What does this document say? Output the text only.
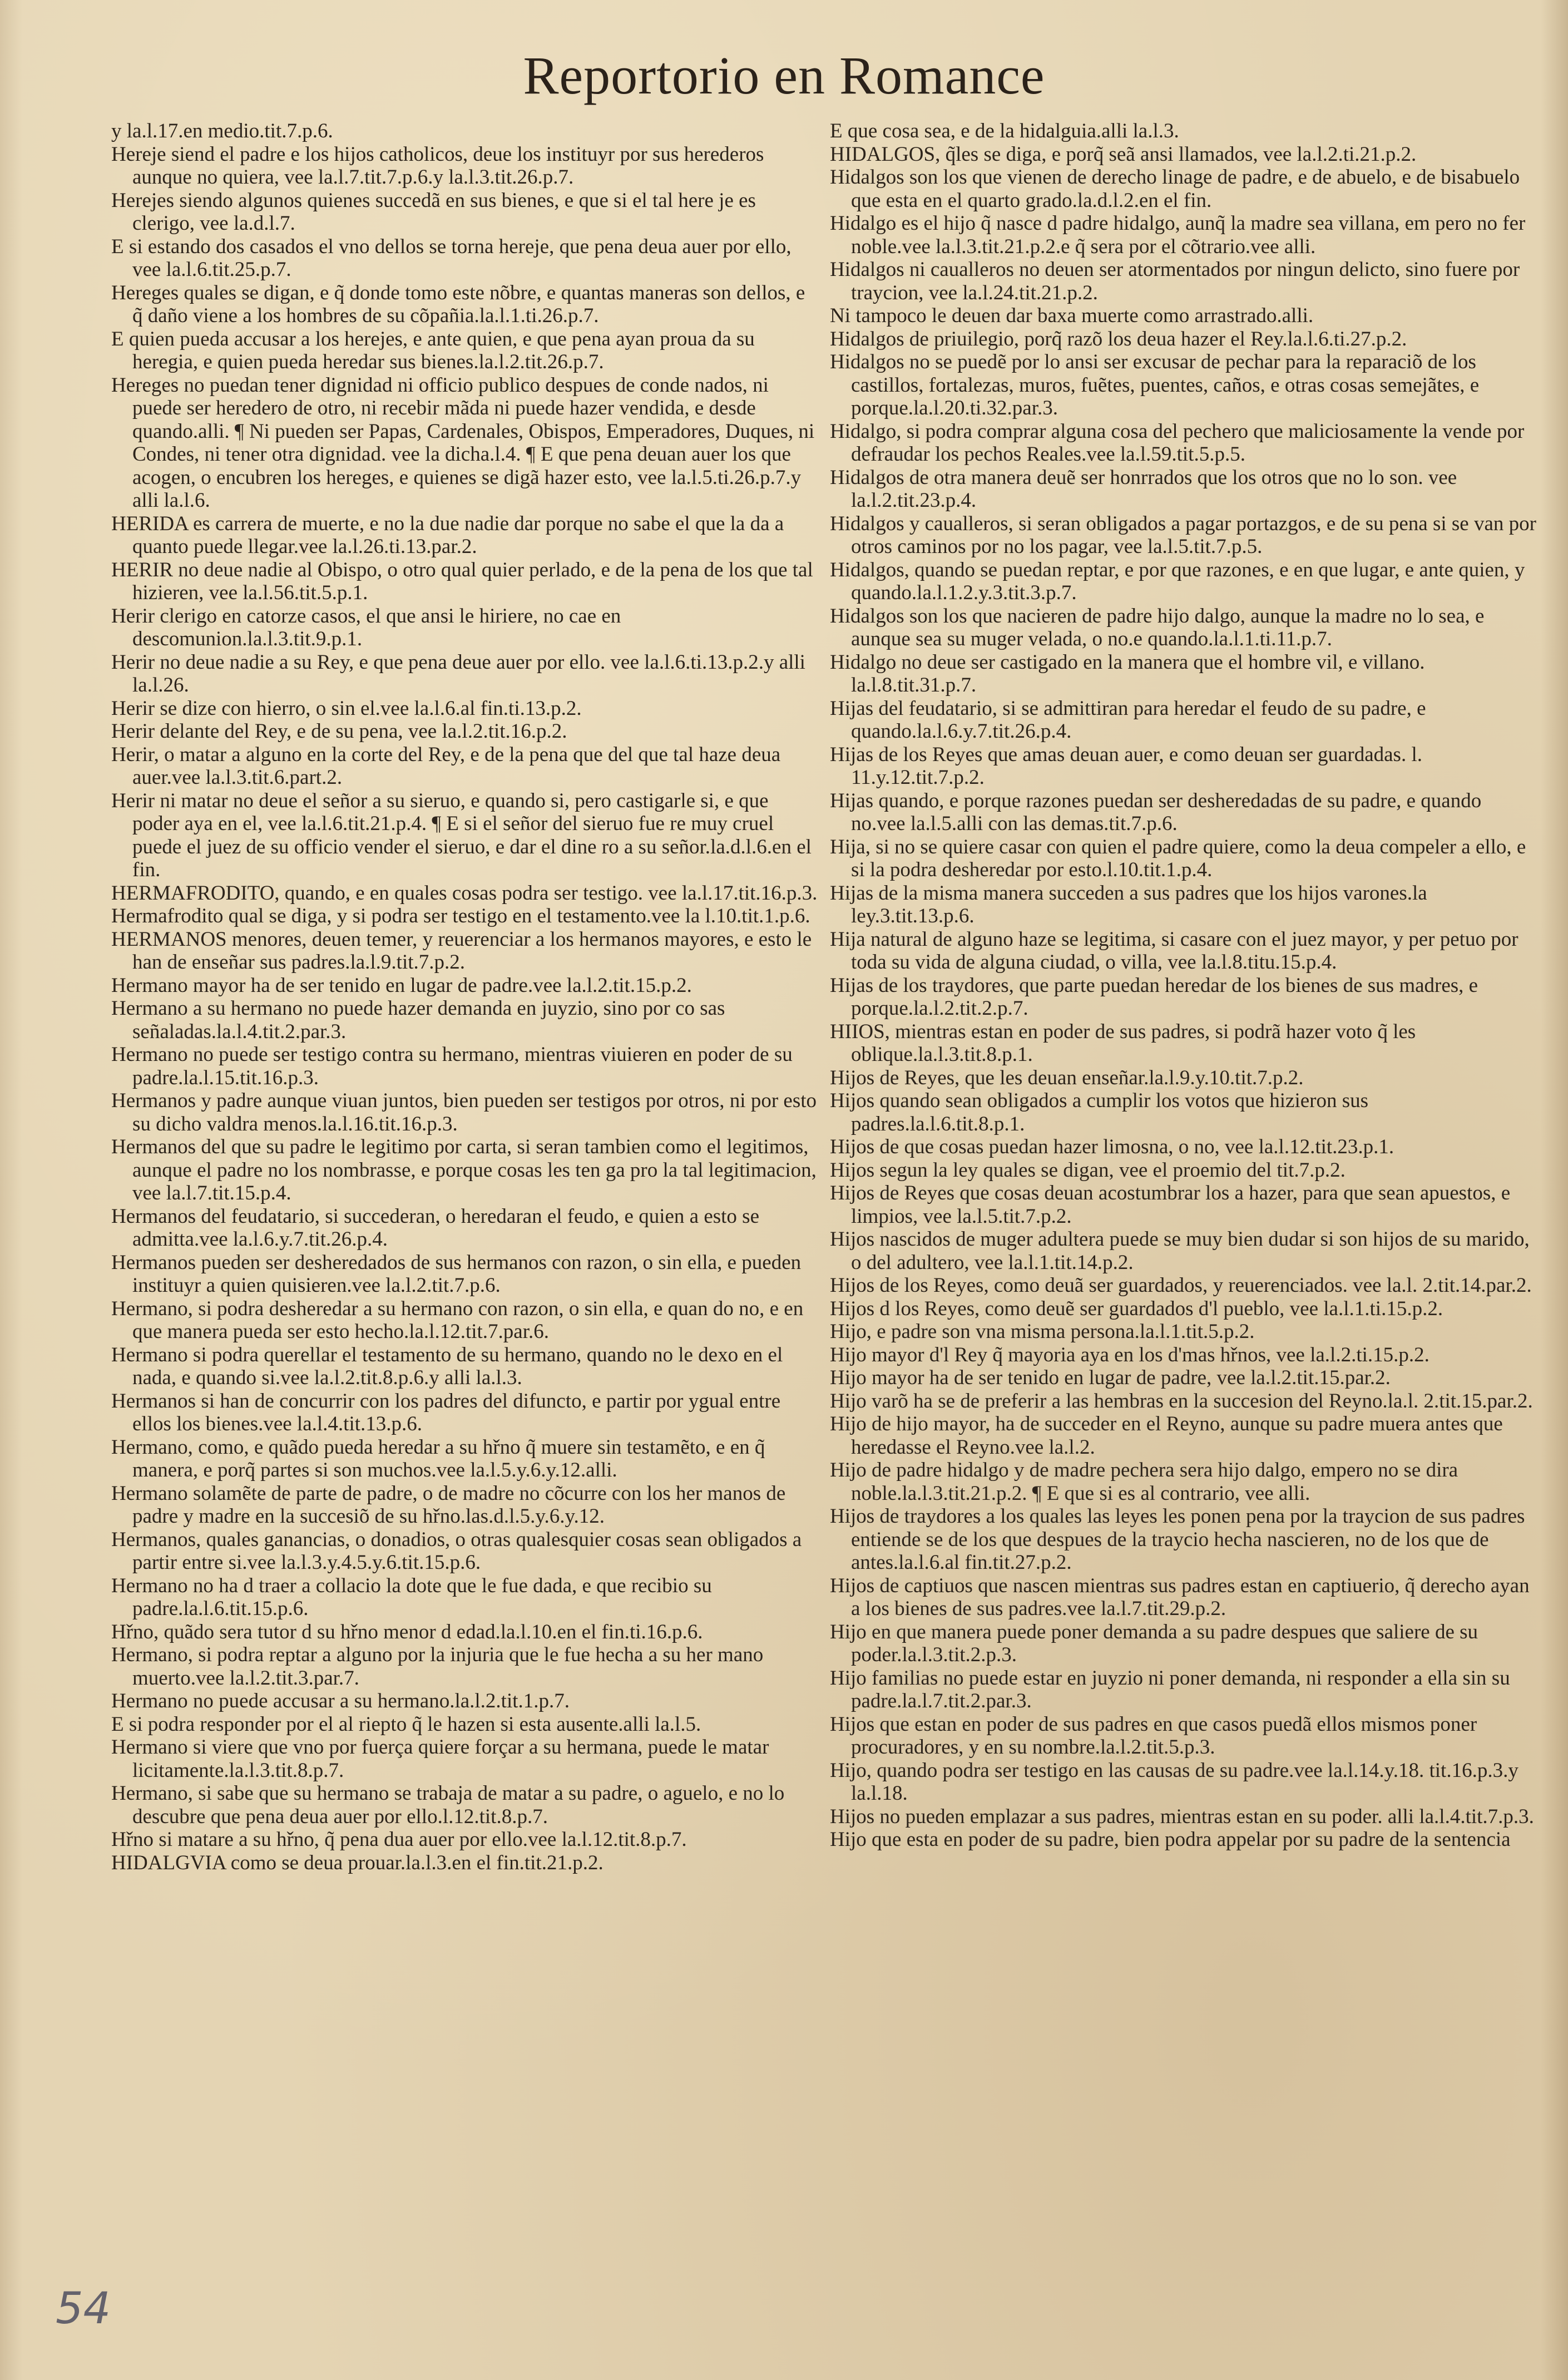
Reportorio en Romance

y la.l.17.en medio.tit.7.p.6.

Hereje siend el padre e los hijos catholicos, deue los instituyr por sus herederos aunque no quiera, vee la.l.7.tit.7.p.6.y la.l.3.tit.26.p.7.

Herejes siendo algunos quienes succedã en sus bienes, e que si el tal here je es clerigo, vee la.d.l.7.

E si estando dos casados el vno dellos se torna hereje, que pena deua auer por ello, vee la.l.6.tit.25.p.7.

Hereges quales se digan, e q̃ donde tomo este nõbre, e quantas maneras son dellos, e q̃ daño viene a los hombres de su cõpañia.la.l.1.ti.26.p.7.

E quien pueda accusar a los herejes, e ante quien, e que pena ayan proua da su heregia, e quien pueda heredar sus bienes.la.l.2.tit.26.p.7.

Hereges no puedan tener dignidad ni officio publico despues de conde nados, ni puede ser heredero de otro, ni recebir mãda ni puede hazer vendida, e desde quando.alli. ¶ Ni pueden ser Papas, Cardenales, Obispos, Emperadores, Duques, ni Condes, ni tener otra dignidad. vee la dicha.l.4. ¶ E que pena deuan auer los que acogen, o encubren los hereges, e quienes se digã hazer esto, vee la.l.5.ti.26.p.7.y alli la.l.6.

HERIDA es carrera de muerte, e no la due nadie dar porque no sabe el que la da a quanto puede llegar.vee la.l.26.ti.13.par.2.

HERIR no deue nadie al Obispo, o otro qual quier perlado, e de la pena de los que tal hizieren, vee la.l.56.tit.5.p.1.

Herir clerigo en catorze casos, el que ansi le hiriere, no cae en descomunion.la.l.3.tit.9.p.1.

Herir no deue nadie a su Rey, e que pena deue auer por ello. vee la.l.6.ti.13.p.2.y alli la.l.26.

Herir se dize con hierro, o sin el.vee la.l.6.al fin.ti.13.p.2.

Herir delante del Rey, e de su pena, vee la.l.2.tit.16.p.2.

Herir, o matar a alguno en la corte del Rey, e de la pena que del que tal haze deua auer.vee la.l.3.tit.6.part.2.

Herir ni matar no deue el señor a su sieruo, e quando si, pero castigarle si, e que poder aya en el, vee la.l.6.tit.21.p.4. ¶ E si el señor del sieruo fue re muy cruel puede el juez de su officio vender el sieruo, e dar el dine ro a su señor.la.d.l.6.en el fin.

HERMAFRODITO, quando, e en quales cosas podra ser testigo. vee la.l.17.tit.16.p.3.

Hermafrodito qual se diga, y si podra ser testigo en el testamento.vee la l.10.tit.1.p.6.

HERMANOS menores, deuen temer, y reuerenciar a los hermanos mayores, e esto le han de enseñar sus padres.la.l.9.tit.7.p.2.

Hermano mayor ha de ser tenido en lugar de padre.vee la.l.2.tit.15.p.2.

Hermano a su hermano no puede hazer demanda en juyzio, sino por co sas señaladas.la.l.4.tit.2.par.3.

Hermano no puede ser testigo contra su hermano, mientras viuieren en poder de su padre.la.l.15.tit.16.p.3.

Hermanos y padre aunque viuan juntos, bien pueden ser testigos por otros, ni por esto su dicho valdra menos.la.l.16.tit.16.p.3.

Hermanos del que su padre le legitimo por carta, si seran tambien como el legitimos, aunque el padre no los nombrasse, e porque cosas les ten ga pro la tal legitimacion, vee la.l.7.tit.15.p.4.

Hermanos del feudatario, si succederan, o heredaran el feudo, e quien a esto se admitta.vee la.l.6.y.7.tit.26.p.4.

Hermanos pueden ser desheredados de sus hermanos con razon, o sin ella, e pueden instituyr a quien quisieren.vee la.l.2.tit.7.p.6.

Hermano, si podra desheredar a su hermano con razon, o sin ella, e quan do no, e en que manera pueda ser esto hecho.la.l.12.tit.7.par.6.

Hermano si podra querellar el testamento de su hermano, quando no le dexo en el nada, e quando si.vee la.l.2.tit.8.p.6.y alli la.l.3.

Hermanos si han de concurrir con los padres del difuncto, e partir por ygual entre ellos los bienes.vee la.l.4.tit.13.p.6.

Hermano, como, e quãdo pueda heredar a su hřno q̃ muere sin testamẽto, e en q̃ manera, e porq̃ partes si son muchos.vee la.l.5.y.6.y.12.alli.

Hermano solamẽte de parte de padre, o de madre no cõcurre con los her manos de padre y madre en la succesiõ de su hřno.las.d.l.5.y.6.y.12.

Hermanos, quales ganancias, o donadios, o otras qualesquier cosas sean obligados a partir entre si.vee la.l.3.y.4.5.y.6.tit.15.p.6.

Hermano no ha d traer a collacio la dote que le fue dada, e que recibio su padre.la.l.6.tit.15.p.6.

Hřno, quãdo sera tutor d su hřno menor d edad.la.l.10.en el fin.ti.16.p.6.

Hermano, si podra reptar a alguno por la injuria que le fue hecha a su her mano muerto.vee la.l.2.tit.3.par.7.

Hermano no puede accusar a su hermano.la.l.2.tit.1.p.7.

E si podra responder por el al riepto q̃ le hazen si esta ausente.alli la.l.5.

Hermano si viere que vno por fuerça quiere forçar a su hermana, puede le matar licitamente.la.l.3.tit.8.p.7.

Hermano, si sabe que su hermano se trabaja de matar a su padre, o aguelo, e no lo descubre que pena deua auer por ello.l.12.tit.8.p.7.

Hřno si matare a su hřno, q̃ pena dua auer por ello.vee la.l.12.tit.8.p.7.

HIDALGVIA como se deua prouar.la.l.3.en el fin.tit.21.p.2.

E que cosa sea, e de la hidalguia.alli la.l.3.

HIDALGOS, q̃les se diga, e porq̃ seã ansi llamados, vee la.l.2.ti.21.p.2.

Hidalgos son los que vienen de derecho linage de padre, e de abuelo, e de bisabuelo que esta en el quarto grado.la.d.l.2.en el fin.

Hidalgo es el hijo q̃ nasce d padre hidalgo, aunq̃ la madre sea villana, em pero no fer noble.vee la.l.3.tit.21.p.2.e q̃ sera por el cõtrario.vee alli.

Hidalgos ni caualleros no deuen ser atormentados por ningun delicto, sino fuere por traycion, vee la.l.24.tit.21.p.2.

Ni tampoco le deuen dar baxa muerte como arrastrado.alli.

Hidalgos de priuilegio, porq̃ razõ los deua hazer el Rey.la.l.6.ti.27.p.2.

Hidalgos no se puedẽ por lo ansi ser excusar de pechar para la reparaciõ de los castillos, fortalezas, muros, fuẽtes, puentes, caños, e otras cosas semejãtes, e porque.la.l.20.ti.32.par.3.

Hidalgo, si podra comprar alguna cosa del pechero que maliciosamente la vende por defraudar los pechos Reales.vee la.l.59.tit.5.p.5.

Hidalgos de otra manera deuẽ ser honrrados que los otros que no lo son. vee la.l.2.tit.23.p.4.

Hidalgos y caualleros, si seran obligados a pagar portazgos, e de su pena si se van por otros caminos por no los pagar, vee la.l.5.tit.7.p.5.

Hidalgos, quando se puedan reptar, e por que razones, e en que lugar, e ante quien, y quando.la.l.1.2.y.3.tit.3.p.7.

Hidalgos son los que nacieren de padre hijo dalgo, aunque la madre no lo sea, e aunque sea su muger velada, o no.e quando.la.l.1.ti.11.p.7.

Hidalgo no deue ser castigado en la manera que el hombre vil, e villano. la.l.8.tit.31.p.7.

Hijas del feudatario, si se admittiran para heredar el feudo de su padre, e quando.la.l.6.y.7.tit.26.p.4.

Hijas de los Reyes que amas deuan auer, e como deuan ser guardadas. l. 11.y.12.tit.7.p.2.

Hijas quando, e porque razones puedan ser desheredadas de su padre, e quando no.vee la.l.5.alli con las demas.tit.7.p.6.

Hija, si no se quiere casar con quien el padre quiere, como la deua compeler a ello, e si la podra desheredar por esto.l.10.tit.1.p.4.

Hijas de la misma manera succeden a sus padres que los hijos varones.la ley.3.tit.13.p.6.

Hija natural de alguno haze se legitima, si casare con el juez mayor, y per petuo por toda su vida de alguna ciudad, o villa, vee la.l.8.titu.15.p.4.

Hijas de los traydores, que parte puedan heredar de los bienes de sus madres, e porque.la.l.2.tit.2.p.7.

HIIOS, mientras estan en poder de sus padres, si podrã hazer voto q̃ les oblique.la.l.3.tit.8.p.1.

Hijos de Reyes, que les deuan enseñar.la.l.9.y.10.tit.7.p.2.

Hijos quando sean obligados a cumplir los votos que hizieron sus padres.la.l.6.tit.8.p.1.

Hijos de que cosas puedan hazer limosna, o no, vee la.l.12.tit.23.p.1.

Hijos segun la ley quales se digan, vee el proemio del tit.7.p.2.

Hijos de Reyes que cosas deuan acostumbrar los a hazer, para que sean apuestos, e limpios, vee la.l.5.tit.7.p.2.

Hijos nascidos de muger adultera puede se muy bien dudar si son hijos de su marido, o del adultero, vee la.l.1.tit.14.p.2.

Hijos de los Reyes, como deuã ser guardados, y reuerenciados. vee la.l. 2.tit.14.par.2.

Hijos d los Reyes, como deuẽ ser guardados d'l pueblo, vee la.l.1.ti.15.p.2.

Hijo, e padre son vna misma persona.la.l.1.tit.5.p.2.

Hijo mayor d'l Rey q̃ mayoria aya en los d'mas hřnos, vee la.l.2.ti.15.p.2.

Hijo mayor ha de ser tenido en lugar de padre, vee la.l.2.tit.15.par.2.

Hijo varõ ha se de preferir a las hembras en la succesion del Reyno.la.l. 2.tit.15.par.2.

Hijo de hijo mayor, ha de succeder en el Reyno, aunque su padre muera antes que heredasse el Reyno.vee la.l.2.

Hijo de padre hidalgo y de madre pechera sera hijo dalgo, empero no se dira noble.la.l.3.tit.21.p.2. ¶ E que si es al contrario, vee alli.

Hijos de traydores a los quales las leyes les ponen pena por la traycion de sus padres entiende se de los que despues de la traycio hecha nascieren, no de los que de antes.la.l.6.al fin.tit.27.p.2.

Hijos de captiuos que nascen mientras sus padres estan en captiuerio, q̃ derecho ayan a los bienes de sus padres.vee la.l.7.tit.29.p.2.

Hijo en que manera puede poner demanda a su padre despues que saliere de su poder.la.l.3.tit.2.p.3.

Hijo familias no puede estar en juyzio ni poner demanda, ni responder a ella sin su padre.la.l.7.tit.2.par.3.

Hijos que estan en poder de sus padres en que casos puedã ellos mismos poner procuradores, y en su nombre.la.l.2.tit.5.p.3.

Hijo, quando podra ser testigo en las causas de su padre.vee la.l.14.y.18. tit.16.p.3.y la.l.18.

Hijos no pueden emplazar a sus padres, mientras estan en su poder. alli la.l.4.tit.7.p.3.

Hijo que esta en poder de su padre, bien podra appelar por su padre de la sentencia

54
